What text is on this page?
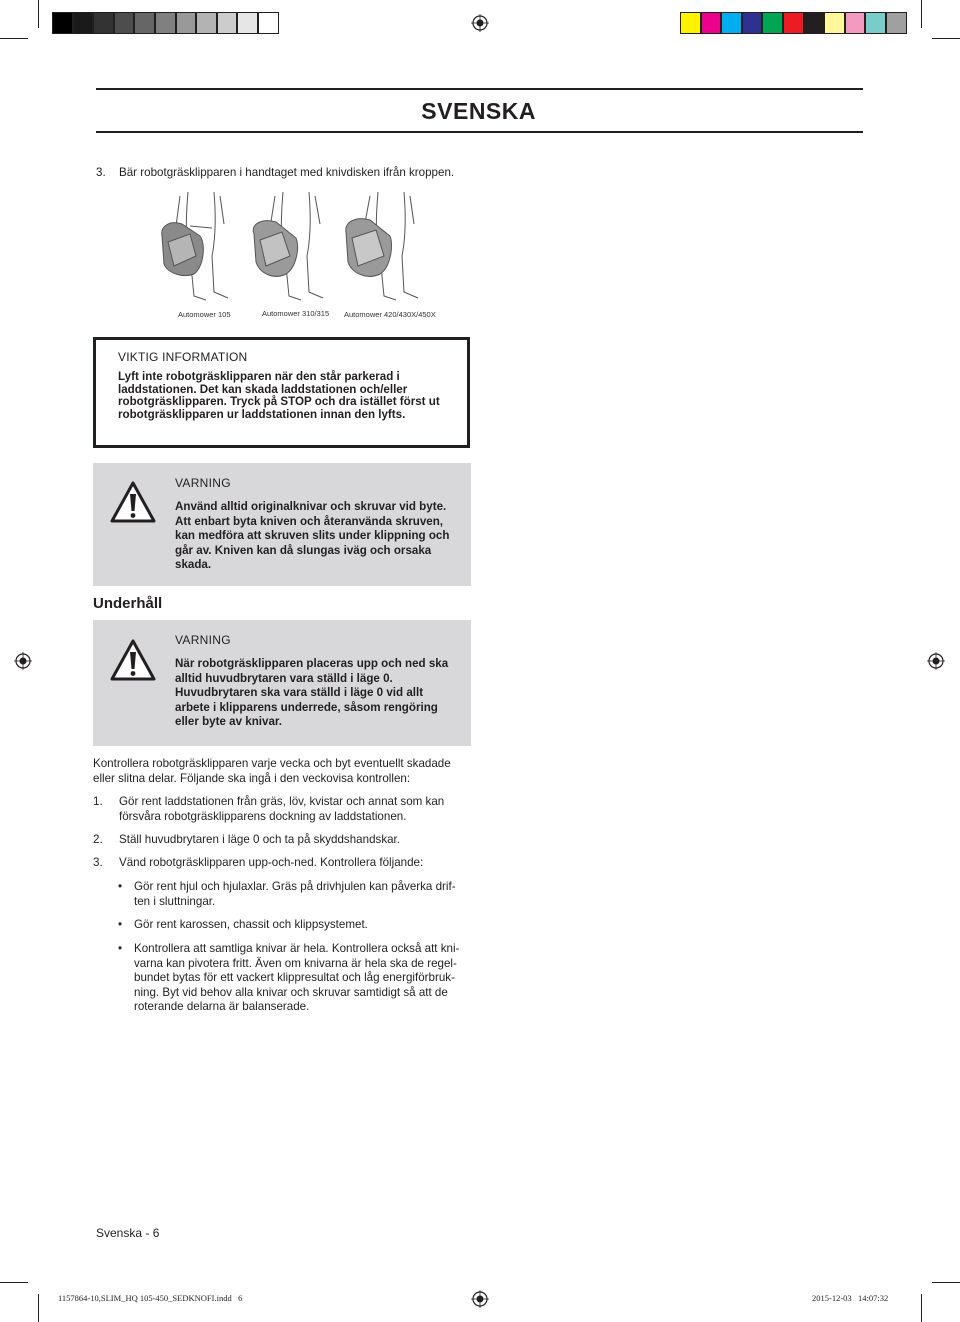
SVENSKA
3. Bär robotgräsklipparen i handtaget med knivdisken ifrån kroppen.
Automower 105	Automower 310/315 Automower 420/430X/450X
VIKTIG INFORMATION
Lyft inte robotgräsklipparen när den står parkerad i
laddstationen. Det kan skada laddstationen och/eller
robotgräsklipparen. Tryck på STOP och dra istället först ut
robotgräsklipparen ur laddstationen innan den lyfts.
VARNING
Använd alltid originalknivar och skruvar vid byte.
Att enbart byta kniven och återanvända skruven,
kan medföra att skruven slits under klippning och
går av. Kniven kan då slungas iväg och orsaka
skada.
Underhåll
VARNING
När robotgräsklipparen placeras upp och ned ska
alltid huvudbrytaren vara ställd i läge 0.
Huvudbrytaren ska vara ställd i läge 0 vid allt
arbete i klipparens underrede, såsom rengöring
eller byte av knivar.
Kontrollera robotgräsklipparen varje vecka och byt eventuellt skadade
eller slitna delar. Följande ska ingå i den veckovisa kontrollen:
1. Gör rent laddstationen från gräs, löv, kvistar och annat som kan
försvåra robotgräsklipparens dockning av laddstationen.
2. Ställ huvudbrytaren i läge 0 och ta på skyddshandskar.
3. Vänd robotgräsklipparen upp-och-ned. Kontrollera följande:
• Gör rent hjul och hjulaxlar. Gräs på drivhjulen kan påverka drif-
ten i sluttningar.
• Gör rent karossen, chassit och klippsystemet.
• Kontrollera att samtliga knivar är hela. Kontrollera också att kni-
varna kan pivotera fritt. Även om knivarna är hela ska de regel-
bundet bytas för ett vackert klippresultat och låg energiförbruk-
ning. Byt vid behov alla knivar och skruvar samtidigt så att de
roterande delarna är balanserade.
Svenska - 6
1157864-10,SLIM_HQ 105-450_SEDKNOFI.indd   6	2015-12-03   14:07:32
